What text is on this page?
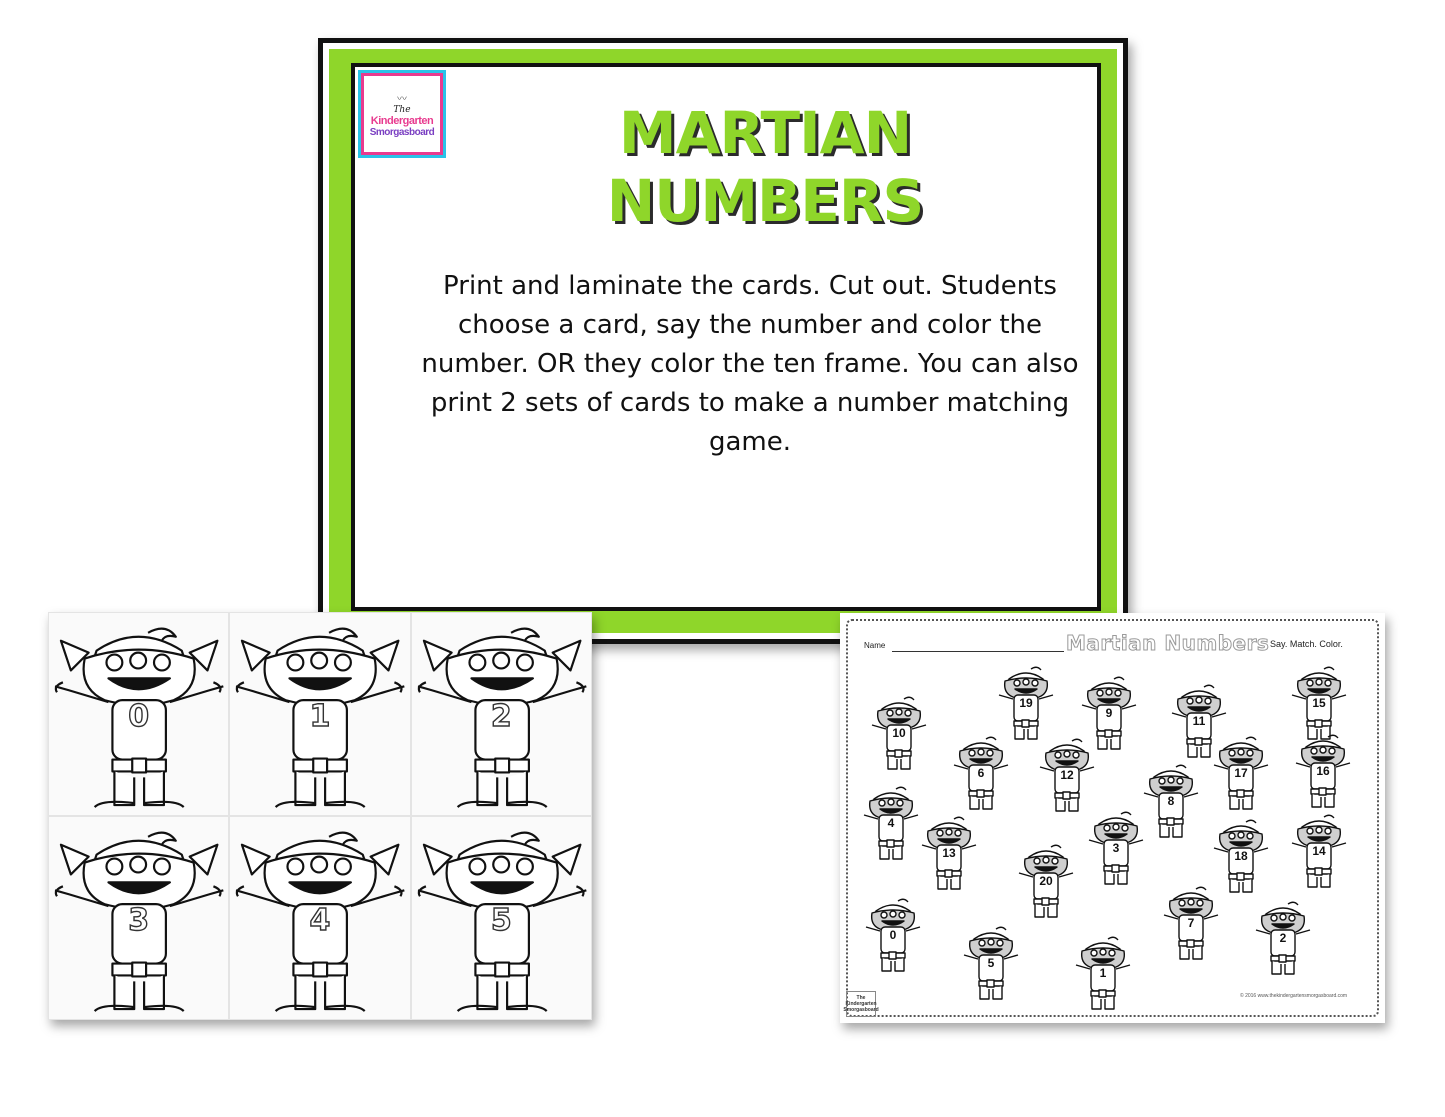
〰
The
Kindergarten
Smorgasboard	MARTIAN NUMBERS

Print and laminate the cards. Cut out. Students choose a card, say the number and color the number. OR they color the ten frame. You can also print 2 sets of cards to make a number matching game.

0	1	2
3	4	5
Name	Martian Numbers Say. Match. Color.
© 2016 www.thekindergartensmorgasboard.com
The Kindergarten Smorgasboard
19
9
11
15
10
6	12	17	16
4
8
13	3
18	14
20
0
7
2
5
1
